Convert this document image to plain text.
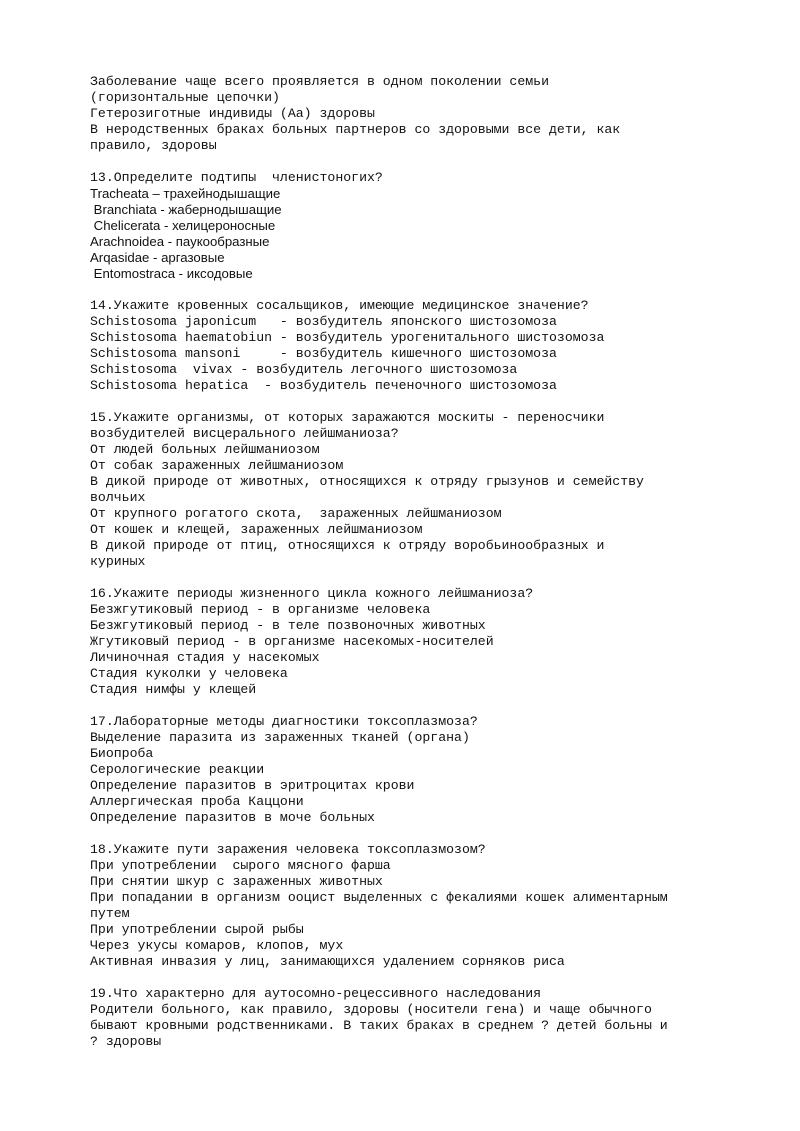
Заболевание чаще всего проявляется в одном поколении семьи
(горизонтальные цепочки)
Гетерозиготные индивиды (Аа) здоровы
В неродственных браках больных партнеров со здоровыми все дети, как
правило, здоровы
13.Определите подтипы  членистоногих?
Tracheata – трахейнодышащие
Branchiata - жабернодышащие
Chelicerata - хелицероносные
Arachnoidea - паукообразные
Arqasidae - аргазовые
Entomostraca - иксодовые
14.Укажите кровенных сосальщиков, имеющие медицинское значение?
Schistosoma japonicum   - возбудитель японского шистозомоза
Schistosoma haematobiun - возбудитель урогенитального шистозомоза
Schistosoma mansoni     - возбудитель кишечного шистозомоза
Schistosoma  vivax - возбудитель легочного шистозомоза
Schistosoma hepatica  - возбудитель печеночного шистозомоза
15.Укажите организмы, от которых заражаются москиты - переносчики
возбудителей висцерального лейшманиоза?
От людей больных лейшманиозом
От собак зараженных лейшманиозом
В дикой природе от животных, относящихся к отряду грызунов и семейству
волчьих
От крупного рогатого скота,  зараженных лейшманиозом
От кошек и клещей, зараженных лейшманиозом
В дикой природе от птиц, относящихся к отряду воробьинообразных и
куриных
16.Укажите периоды жизненного цикла кожного лейшманиоза?
Безжгутиковый период - в организме человека
Безжгутиковый период - в теле позвоночных животных
Жгутиковый период - в организме насекомых-носителей
Личиночная стадия у насекомых
Стадия куколки у человека
Стадия нимфы у клещей
17.Лабораторные методы диагностики токсоплазмоза?
Выделение паразита из зараженных тканей (органа)
Биопроба
Серологические реакции
Определение паразитов в эритроцитах крови
Аллергическая проба Каццони
Определение паразитов в моче больных
18.Укажите пути заражения человека токсоплазмозом?
При употреблении  сырого мясного фарша
При снятии шкур с зараженных животных
При попадании в организм ооцист выделенных с фекалиями кошек алиментарным
путем
При употреблении сырой рыбы
Через укусы комаров, клопов, мух
Активная инвазия у лиц, занимающихся удалением сорняков риса
19.Что характерно для аутосомно-рецессивного наследования
Родители больного, как правило, здоровы (носители гена) и чаще обычного
бывают кровными родственниками. В таких браках в среднем ? детей больны и
? здоровы
